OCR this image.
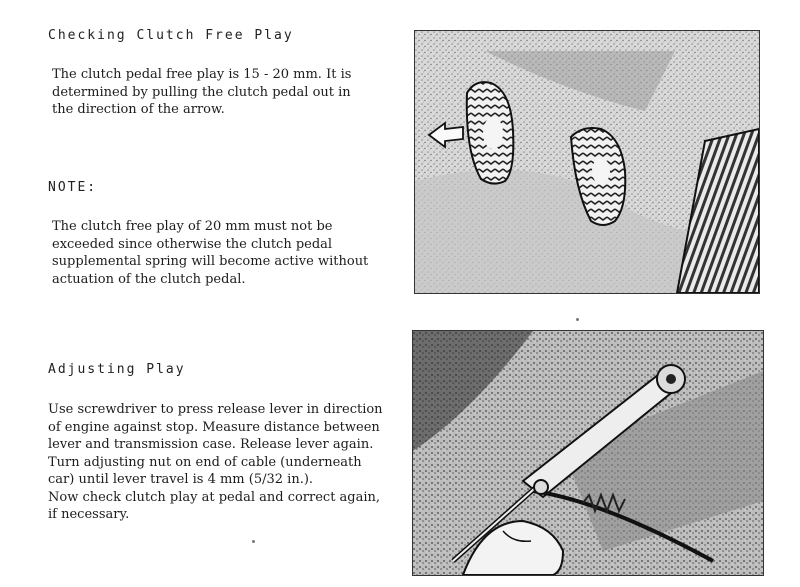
Checking Clutch Free Play
The clutch pedal free play is 15 - 20 mm. It is
determined by pulling the clutch pedal out in
the direction of the arrow.
NOTE:
The clutch free play of 20 mm must not be
exceeded since otherwise the clutch pedal
supplemental spring will become active without
actuation of the clutch pedal.
Adjusting Play
Use screwdriver to press release lever in direction
of engine against stop. Measure distance between
lever and transmission case. Release lever again.
Turn adjusting nut on end of cable (underneath
car) until lever travel is 4 mm (5/32 in.).
Now check clutch play at pedal and correct again,
if necessary.
